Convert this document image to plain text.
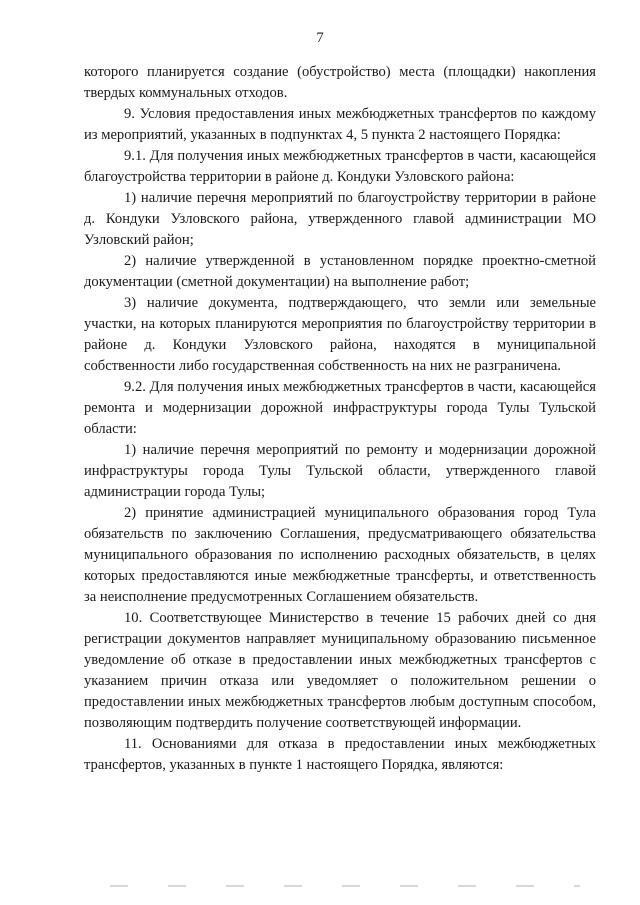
7

которого планируется создание (обустройство) места (площадки) накопления твердых коммунальных отходов.

9. Условия предоставления иных межбюджетных трансфертов по каждому из мероприятий, указанных в подпунктах 4, 5 пункта 2 настоящего Порядка:

9.1. Для получения иных межбюджетных трансфертов в части, касающейся благоустройства территории в районе д. Кондуки Узловского района:

1) наличие перечня мероприятий по благоустройству территории в районе д. Кондуки Узловского района, утвержденного главой администрации МО Узловский район;

2) наличие утвержденной в установленном порядке проектно-сметной документации (сметной документации) на выполнение работ;

3) наличие документа, подтверждающего, что земли или земельные участки, на которых планируются мероприятия по благоустройству территории в районе д. Кондуки Узловского района, находятся в муниципальной собственности либо государственная собственность на них не разграничена.

9.2. Для получения иных межбюджетных трансфертов в части, касающейся ремонта и модернизации дорожной инфраструктуры города Тулы Тульской области:

1) наличие перечня мероприятий по ремонту и модернизации дорожной инфраструктуры города Тулы Тульской области, утвержденного главой администрации города Тулы;

2) принятие администрацией муниципального образования город Тула обязательств по заключению Соглашения, предусматривающего обязательства муниципального образования по исполнению расходных обязательств, в целях которых предоставляются иные межбюджетные трансферты, и ответственность за неисполнение предусмотренных Соглашением обязательств.

10. Соответствующее Министерство в течение 15 рабочих дней со дня регистрации документов направляет муниципальному образованию письменное уведомление об отказе в предоставлении иных межбюджетных трансфертов с указанием причин отказа или уведомляет о положительном решении о предоставлении иных межбюджетных трансфертов любым доступным способом, позволяющим подтвердить получение соответствующей информации.

11. Основаниями для отказа в предоставлении иных межбюджетных трансфертов, указанных в пункте 1 настоящего Порядка, являются:
